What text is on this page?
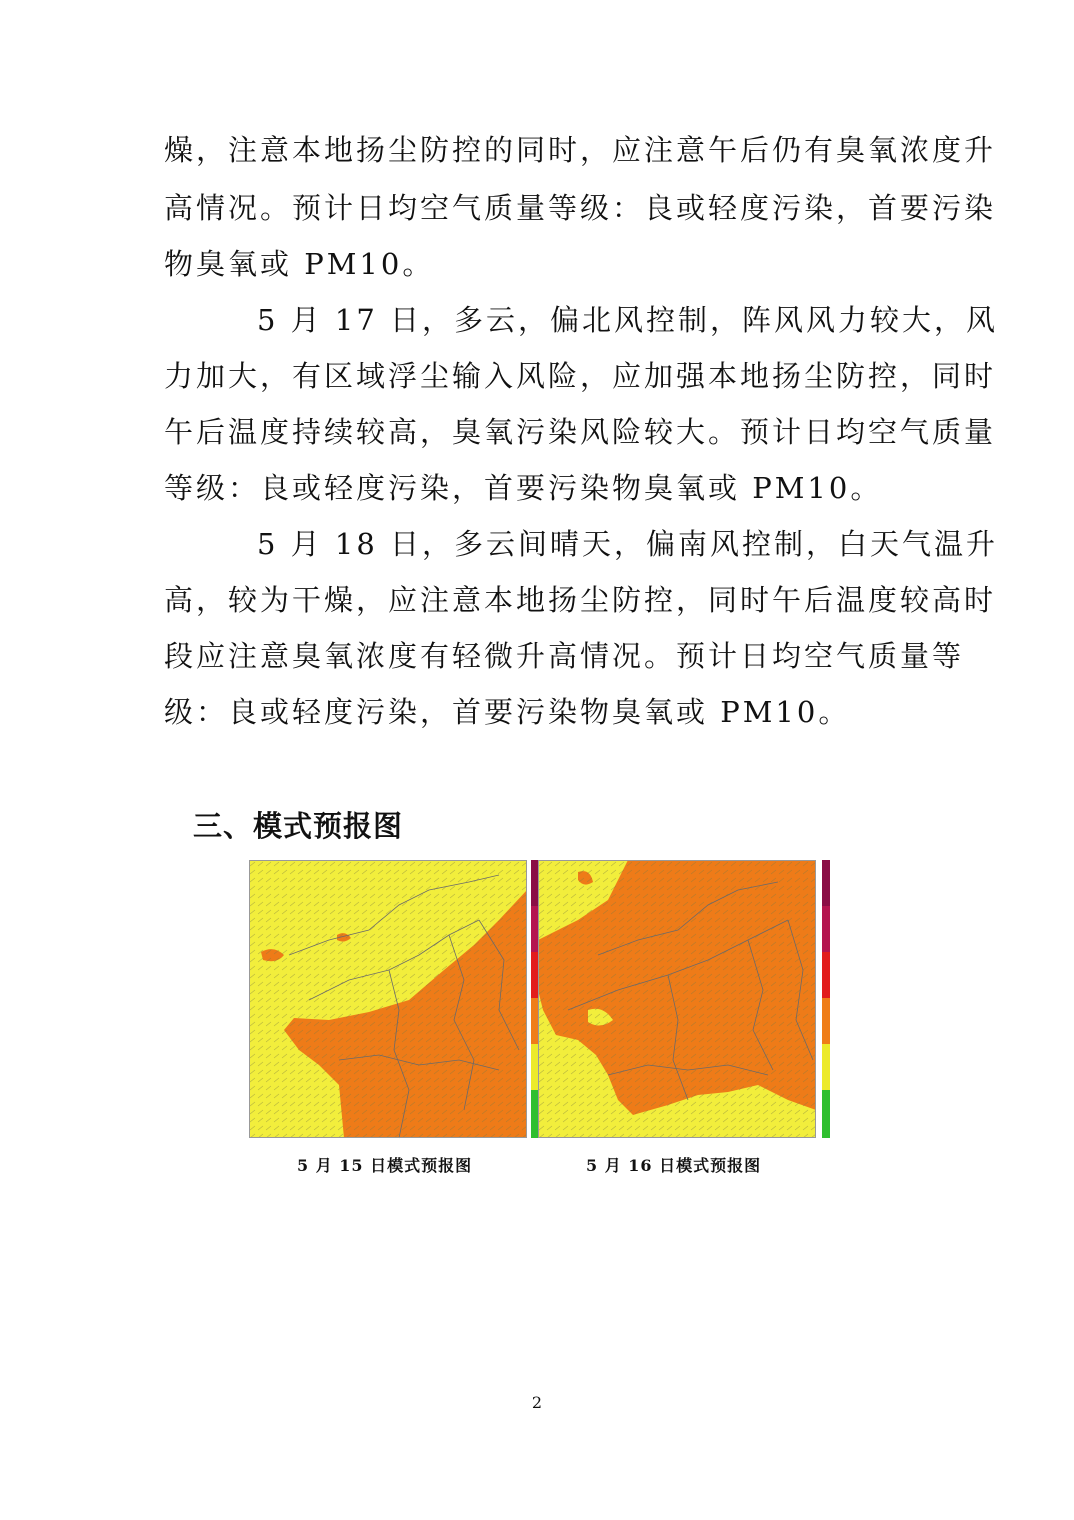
燥，注意本地扬尘防控的同时，应注意午后仍有臭氧浓度升
高情况。预计日均空气质量等级：良或轻度污染，首要污染
物臭氧或 PM10。
5 月 17 日，多云，偏北风控制，阵风风力较大，风
力加大，有区域浮尘输入风险，应加强本地扬尘防控，同时
午后温度持续较高，臭氧污染风险较大。预计日均空气质量
等级：良或轻度污染，首要污染物臭氧或 PM10。
5 月 18 日，多云间晴天，偏南风控制，白天气温升
高，较为干燥，应注意本地扬尘防控，同时午后温度较高时
段应注意臭氧浓度有轻微升高情况。预计日均空气质量等
级：良或轻度污染，首要污染物臭氧或 PM10。
三、模式预报图
5 月 15 日模式预报图	5 月 16 日模式预报图
2
